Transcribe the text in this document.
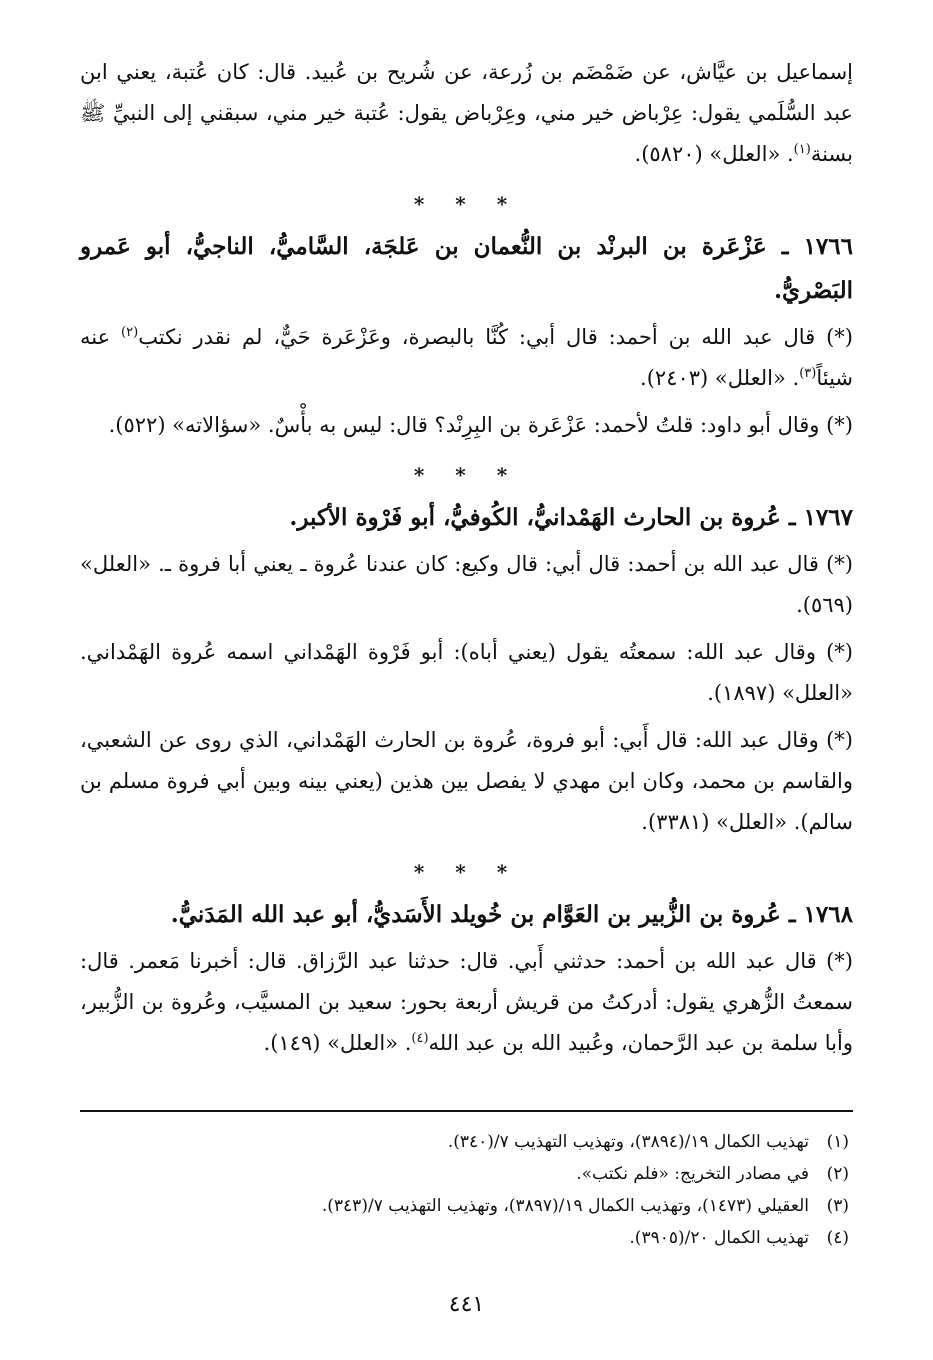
إسماعيل بن عيَّاش، عن ضَمْضَم بن زُرعة، عن شُريح بن عُبيد. قال: كان عُتبة، يعني ابن عبد السُّلَمي يقول: عِرْباض خير مني، وعِرْباض يقول: عُتبة خير مني، سبقني إلى النبيِّ ﷺ بسنة$^{(١)}$. «العلل» (٥٨٢٠).

* * *

١٧٦٦ ـ عَزْعَرة بن البرنْد بن النُّعمان بن عَلجَة، السَّاميُّ، الناجيُّ، أبو عَمرو البَصْريُّ.

(*) قال عبد الله بن أحمد: قال أبي: كُنَّا بالبصرة، وعَزْعَرة حَيٌّ، لم نقدر نكتب$^{(٢)}$ عنه شيئاً$^{(٣)}$. «العلل» (٢٤٠٣).

(*) وقال أبو داود: قلتُ لأحمد: عَزْعَرة بن البِرِنْد؟ قال: ليس به بأْسٌ. «سؤالاته» (٥٢٢).

* * *

١٧٦٧ ـ عُروة بن الحارث الهَمْدانيُّ، الكُوفيُّ، أبو فَرْوة الأكبر.

(*) قال عبد الله بن أحمد: قال أبي: قال وكيع: كان عندنا عُروة ـ يعني أبا فروة ـ. «العلل» (٥٦٩).

(*) وقال عبد الله: سمعتُه يقول (يعني أباه): أبو فَرْوة الهَمْداني اسمه عُروة الهَمْداني. «العلل» (١٨٩٧).

(*) وقال عبد الله: قال أَبي: أبو فروة، عُروة بن الحارث الهَمْداني، الذي روى عن الشعبي، والقاسم بن محمد، وكان ابن مهدي لا يفصل بين هذين (يعني بينه وبين أبي فروة مسلم بن سالم). «العلل» (٣٣٨١).

* * *

١٧٦٨ ـ عُروة بن الزُّبير بن العَوَّام بن خُويلد الأَسَديُّ، أبو عبد الله المَدَنيُّ.

(*) قال عبد الله بن أحمد: حدثني أَبي. قال: حدثنا عبد الرَّزاق. قال: أخبرنا مَعمر. قال: سمعتُ الزُّهري يقول: أدركتُ من قريش أربعة بحور: سعيد بن المسيَّب، وعُروة بن الزُّبير، وأبا سلمة بن عبد الرَّحمان، وعُبيد الله بن عبد الله$^{(٤)}$. «العلل» (١٤٩).

(١)تهذيب الكمال ١٩/(٣٨٩٤)، وتهذيب التهذيب ٧/(٣٤٠).

(٢)في مصادر التخريج: «فلم نكتب».

(٣)العقيلي (١٤٧٣)، وتهذيب الكمال ١٩/(٣٨٩٧)، وتهذيب التهذيب ٧/(٣٤٣).

(٤)تهذيب الكمال ٢٠/(٣٩٠٥).

٤٤١
